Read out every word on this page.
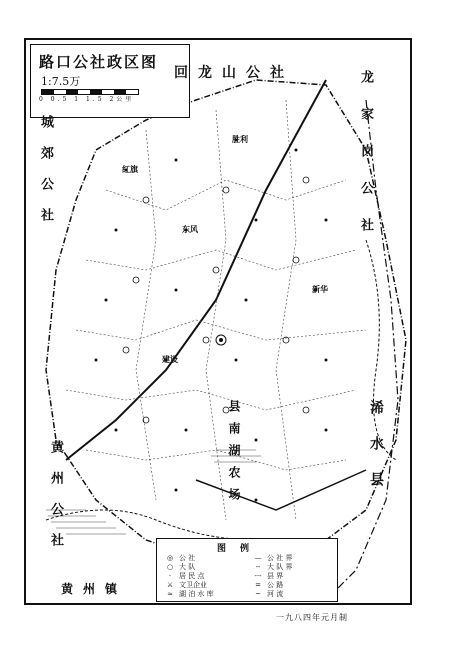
路口公社政区图
1:7.5万
0 0.5 1 1.5 2公里
回龙山公社	龙家岗公社
城郊公社
黄州公社
黄州镇
浠水县
县南湖农场
红旗
胜利
东风
新华
建设
图例
◎ 公 社
○ 大 队
· 居 民 点
⚔ 文卫企业
≈ 湖 泊 水 库
— 公 社 界
-- 大 队 界
-·- 县 界
= 公 路
~ 河 流
一九八四年元月制
